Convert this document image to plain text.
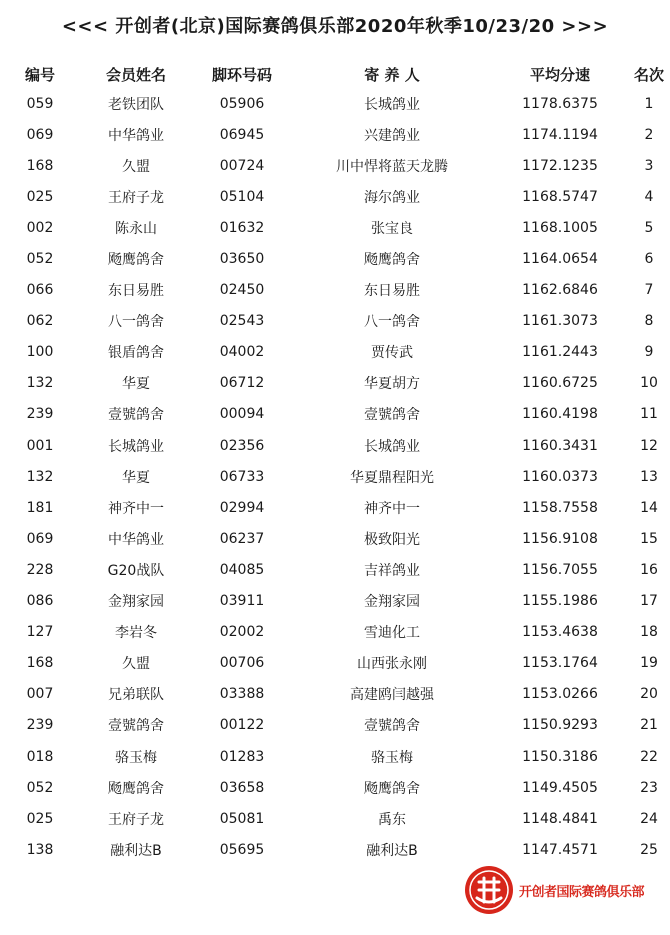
<<< 开创者(北京)国际赛鸽俱乐部2020年秋季10/23/20 >>>
编号	会员姓名	脚环号码	寄 养 人	平均分速	名次
059	老铁团队	05906	长城鸽业	1178.6375	1
069	中华鸽业	06945	兴建鸽业	1174.1194	2
168	久盟	00724	川中悍将蓝天龙腾	1172.1235	3
025	王府子龙	05104	海尔鸽业	1168.5747	4
002	陈永山	01632	张宝良	1168.1005	5
052	飏鹰鸽舍	03650	飏鹰鸽舍	1164.0654	6
066	东日易胜	02450	东日易胜	1162.6846	7
062	八一鸽舍	02543	八一鸽舍	1161.3073	8
100	银盾鸽舍	04002	贾传武	1161.2443	9
132	华夏	06712	华夏胡方	1160.6725	10
239	壹號鸽舍	00094	壹號鸽舍	1160.4198	11
001	长城鸽业	02356	长城鸽业	1160.3431	12
132	华夏	06733	华夏鼎程阳光	1160.0373	13
181	神齐中一	02994	神齐中一	1158.7558	14
069	中华鸽业	06237	极致阳光	1156.9108	15
228	G20战队	04085	吉祥鸽业	1156.7055	16
086	金翔家园	03911	金翔家园	1155.1986	17
127	李岩冬	02002	雪迪化工	1153.4638	18
168	久盟	00706	山西张永刚	1153.1764	19
007	兄弟联队	03388	高建鸥闫越强	1153.0266	20
239	壹號鸽舍	00122	壹號鸽舍	1150.9293	21
018	骆玉梅	01283	骆玉梅	1150.3186	22
052	飏鹰鸽舍	03658	飏鹰鸽舍	1149.4505	23
025	王府子龙	05081	禹东	1148.4841	24
138	融利达B	05695	融利达B	1147.4571	25
开创者国际赛鸽俱乐部
